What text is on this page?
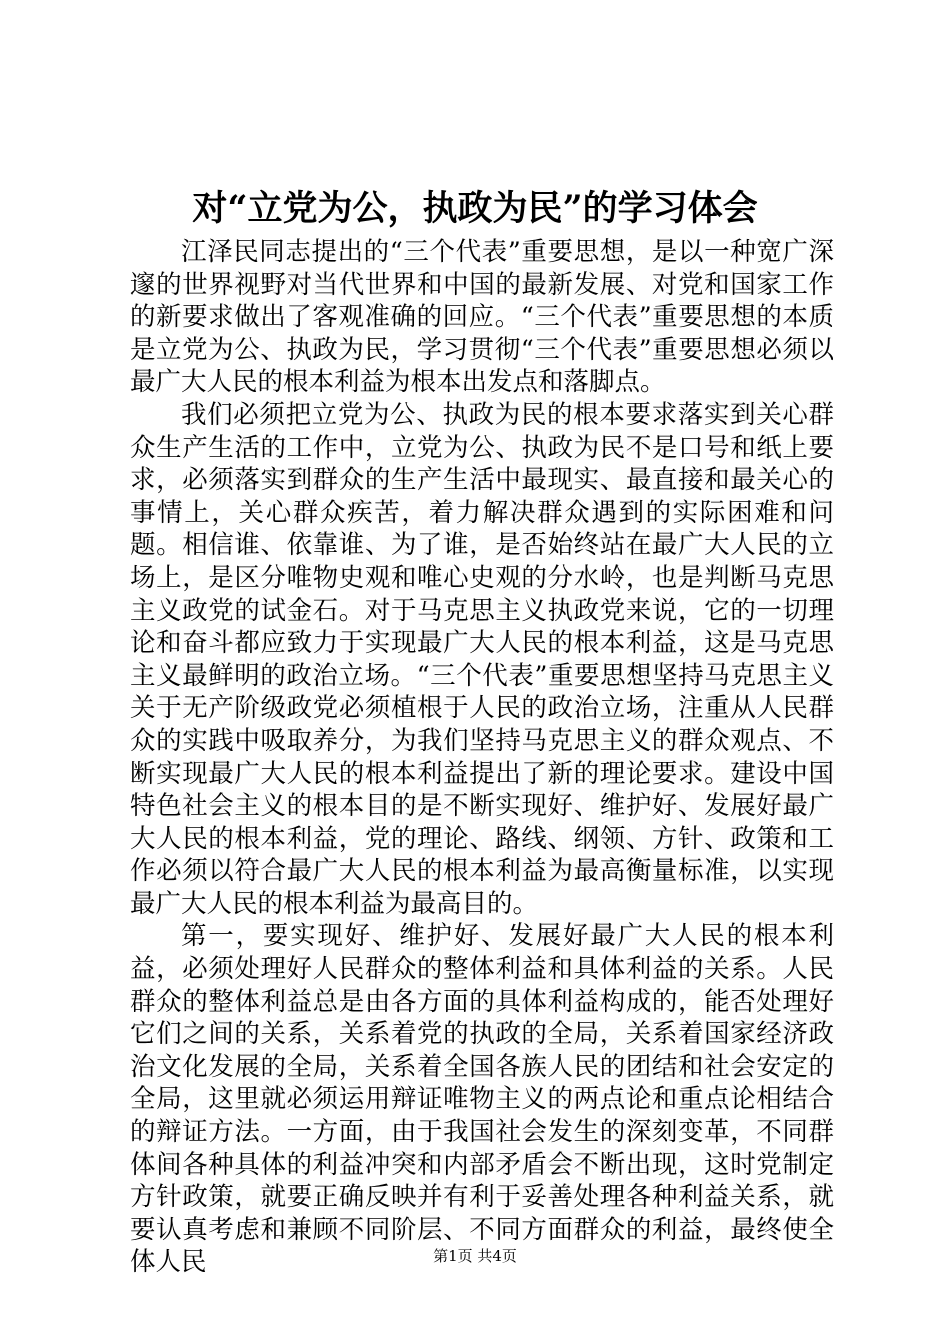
对“立党为公，执政为民”的学习体会

江泽民同志提出的“三个代表”重要思想，是以一种宽广深邃的世界视野对当代世界和中国的最新发展、对党和国家工作的新要求做出了客观准确的回应。“三个代表”重要思想的本质是立党为公、执政为民，学习贯彻“三个代表”重要思想必须以最广大人民的根本利益为根本出发点和落脚点。

我们必须把立党为公、执政为民的根本要求落实到关心群众生产生活的工作中，立党为公、执政为民不是口号和纸上要求，必须落实到群众的生产生活中最现实、最直接和最关心的事情上，关心群众疾苦，着力解决群众遇到的实际困难和问题。相信谁、依靠谁、为了谁，是否始终站在最广大人民的立场上，是区分唯物史观和唯心史观的分水岭，也是判断马克思主义政党的试金石。对于马克思主义执政党来说，它的一切理论和奋斗都应致力于实现最广大人民的根本利益，这是马克思主义最鲜明的政治立场。“三个代表”重要思想坚持马克思主义关于无产阶级政党必须植根于人民的政治立场，注重从人民群众的实践中吸取养分，为我们坚持马克思主义的群众观点、不断实现最广大人民的根本利益提出了新的理论要求。建设中国特色社会主义的根本目的是不断实现好、维护好、发展好最广大人民的根本利益，党的理论、路线、纲领、方针、政策和工作必须以符合最广大人民的根本利益为最高衡量标准，以实现最广大人民的根本利益为最高目的。

第一，要实现好、维护好、发展好最广大人民的根本利益，必须处理好人民群众的整体利益和具体利益的关系。人民群众的整体利益总是由各方面的具体利益构成的，能否处理好它们之间的关系，关系着党的执政的全局，关系着国家经济政治文化发展的全局，关系着全国各族人民的团结和社会安定的全局，这里就必须运用辩证唯物主义的两点论和重点论相结合的辩证方法。一方面，由于我国社会发生的深刻变革，不同群体间各种具体的利益冲突和内部矛盾会不断出现，这时党制定方针政策，就要正确反映并有利于妥善处理各种利益关系，就要认真考虑和兼顾不同阶层、不同方面群众的利益，最终使全体人民	第1页 共4页
